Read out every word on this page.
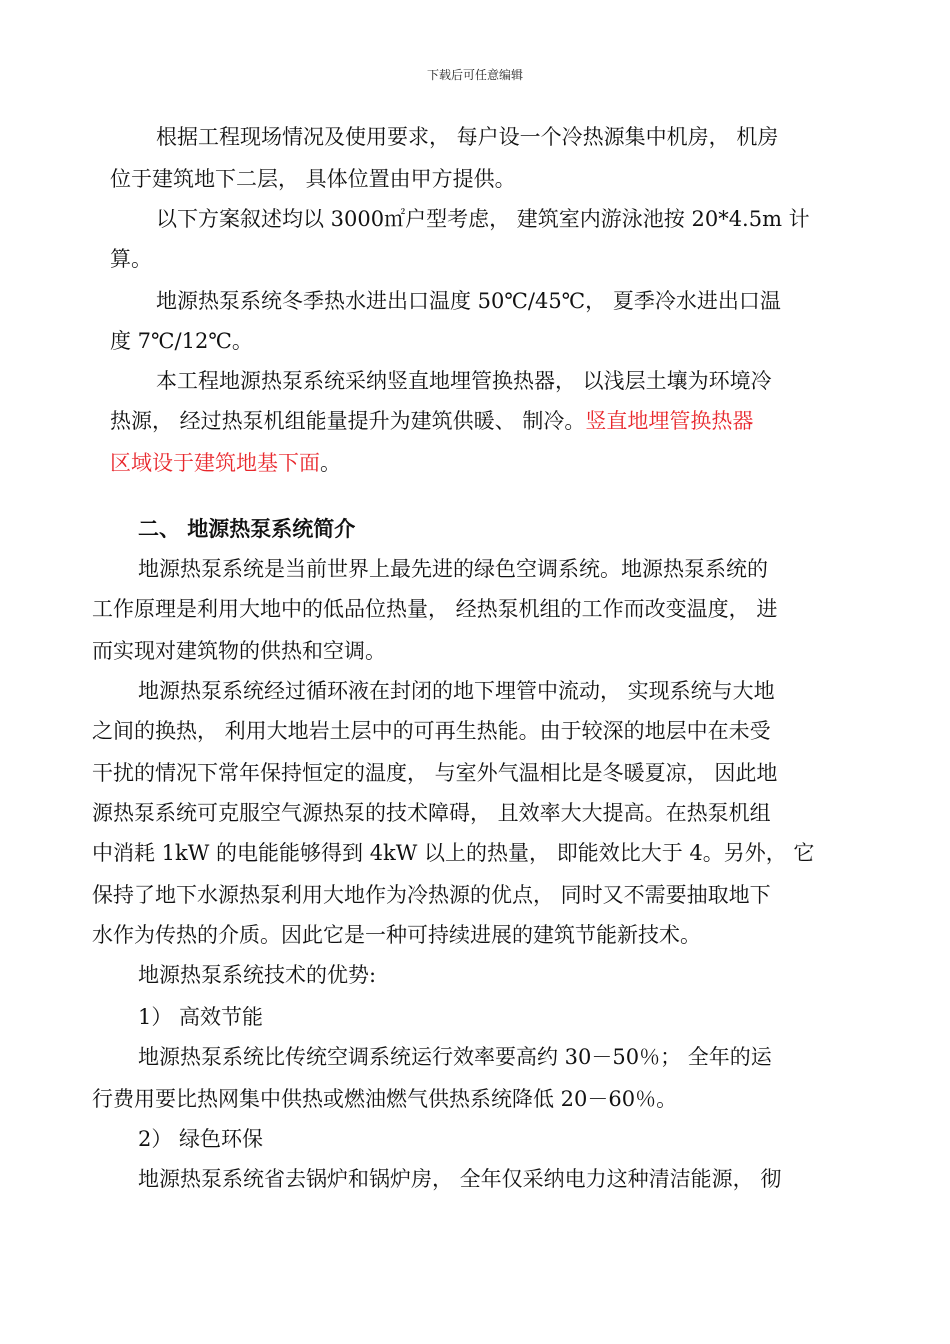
下载后可任意编辑
根据工程现场情况及使用要求， 每户设一个冷热源集中机房， 机房
位于建筑地下二层， 具体位置由甲方提供。
以下方案叙述均以 3000㎡户型考虑， 建筑室内游泳池按 20*4.5m 计
算。
地源热泵系统冬季热水进出口温度 50℃/45℃， 夏季冷水进出口温
度 7℃/12℃。
本工程地源热泵系统采纳竖直地埋管换热器， 以浅层土壤为环境冷
热源， 经过热泵机组能量提升为建筑供暖、 制冷。竖直地埋管换热器
区域设于建筑地基下面。
二、 地源热泵系统简介
地源热泵系统是当前世界上最先进的绿色空调系统。地源热泵系统的
工作原理是利用大地中的低品位热量， 经热泵机组的工作而改变温度， 进
而实现对建筑物的供热和空调。
地源热泵系统经过循环液在封闭的地下埋管中流动， 实现系统与大地
之间的换热， 利用大地岩土层中的可再生热能。由于较深的地层中在未受
干扰的情况下常年保持恒定的温度， 与室外气温相比是冬暖夏凉， 因此地
源热泵系统可克服空气源热泵的技术障碍， 且效率大大提高。在热泵机组
中消耗 1kW 的电能能够得到 4kW 以上的热量， 即能效比大于 4。另外， 它
保持了地下水源热泵利用大地作为冷热源的优点， 同时又不需要抽取地下
水作为传热的介质。因此它是一种可持续进展的建筑节能新技术。
地源热泵系统技术的优势:
1） 高效节能
地源热泵系统比传统空调系统运行效率要高约 30－50％； 全年的运
行费用要比热网集中供热或燃油燃气供热系统降低 20－60％。
2） 绿色环保
地源热泵系统省去锅炉和锅炉房， 全年仅采纳电力这种清洁能源， 彻
